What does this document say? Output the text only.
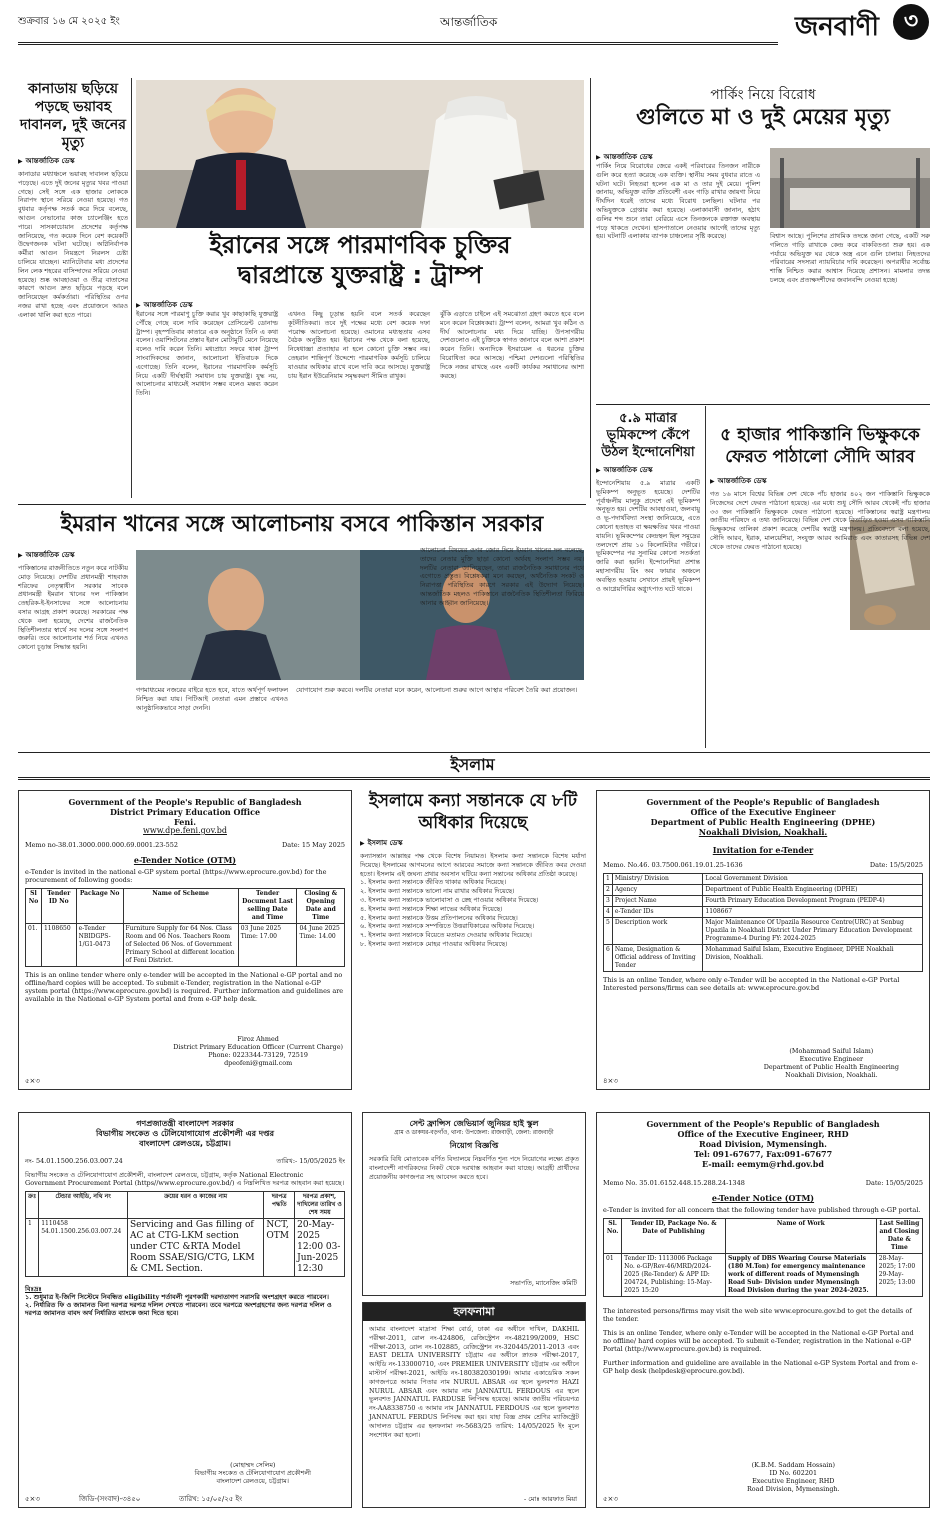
শুক্রবার ১৬ মে ২০২৫ ইং	আন্তর্জাতিক	জনবাণী	৩
কানাডায় ছড়িয়ে পড়ছে ভয়াবহ দাবানল, দুই জনের মৃত্যু
▶ আন্তর্জাতিক ডেস্ক
কানাডার মধ্যাঞ্চলে ভয়াবহ দাবানল ছড়িয়ে পড়েছে। এতে দুই জনের মৃত্যুর খবর পাওয়া গেছে। সেই সঙ্গে এক হাজার লোককে নিরাপদ স্থানে সরিয়ে নেওয়া হয়েছে। গত বুধবার কর্তৃপক্ষ সতর্ক করে দিয়ে বলেছে, আগুন নেভানোর কাজ চ্যালেঞ্জিং হতে পারে। সাসকাচোয়ান প্রদেশের কর্তৃপক্ষ জানিয়েছে, গত কয়েক দিনে বেশ কয়েকটি উদ্বেগজনক ঘটনা ঘটেছে। অগ্নিনির্বাপক কর্মীরা আগুন নিয়ন্ত্রণে নিরলস চেষ্টা চালিয়ে যাচ্ছেন। ম্যানিটোবার মধ্য প্রদেশের লিন লেক শহরের বাসিন্দাদের সরিয়ে নেওয়া হয়েছে। শুষ্ক আবহাওয়া ও তীব্র বাতাসের কারণে আগুন দ্রুত ছড়িয়ে পড়ছে বলে জানিয়েছেন কর্মকর্তারা। পরিস্থিতির ওপর নজর রাখা হচ্ছে এবং প্রয়োজনে আরও এলাকা খালি করা হতে পারে।
ইরানের সঙ্গে পারমাণবিক চুক্তির
দ্বারপ্রান্তে যুক্তরাষ্ট্র : ট্রাম্প
▶ আন্তর্জাতিক ডেস্ক
ইরানের সঙ্গে পারমাণু চুক্তি করার খুব কাছাকাছি যুক্তরাষ্ট্র পৌঁছে গেছে বলে দাবি করেছেন প্রেসিডেন্ট ডোনাল্ড ট্রাম্প। বৃহস্পতিবার কাতারে এক অনুষ্ঠানে তিনি এ কথা বলেন। ওয়াশিংটনের প্রস্তাব ইরান মোটামুটি মেনে নিয়েছে বলেও দাবি করেন তিনি। মধ্যপ্রাচ্য সফরে থাকা ট্রাম্প সাংবাদিকদের জানান, আলোচনা ইতিবাচক দিকে এগোচ্ছে। তিনি বলেন, ইরানের পারমাণবিক কর্মসূচি নিয়ে একটি দীর্ঘস্থায়ী সমাধান চায় যুক্তরাষ্ট্র। যুদ্ধ নয়, আলোচনার মাধ্যমেই সমাধান সম্ভব বলেও মন্তব্য করেন তিনি।
এখনও কিছু চূড়ান্ত হয়নি বলে সতর্ক করেছেন কূটনীতিকরা। তবে দুই পক্ষের মধ্যে বেশ কয়েক দফা পরোক্ষ আলোচনা হয়েছে। ওমানের মধ্যস্থতায় এসব বৈঠক অনুষ্ঠিত হয়। ইরানের পক্ষ থেকে বলা হয়েছে, নিষেধাজ্ঞা প্রত্যাহার না হলে কোনো চুক্তি সম্ভব নয়। তেহরান শান্তিপূর্ণ উদ্দেশ্যে পারমাণবিক কর্মসূচি চালিয়ে যাওয়ার অধিকার রাখে বলে দাবি করে আসছে। যুক্তরাষ্ট্র চায় ইরান ইউরেনিয়াম সমৃদ্ধকরণ সীমিত রাখুক।
ঝুঁকি এড়াতে চাইলে এই সমঝোতা গ্রহণ করতে হবে বলে মনে করেন বিশ্লেষকরা। ট্রাম্প বলেন, আমরা খুব কঠিন ও দীর্ঘ আলোচনার মধ্য দিয়ে যাচ্ছি। উপসাগরীয় দেশগুলোও এই চুক্তিকে স্বাগত জানাবে বলে আশা প্রকাশ করেন তিনি। অন্যদিকে ইসরায়েল এ ধরনের চুক্তির বিরোধিতা করে আসছে। পশ্চিমা দেশগুলো পরিস্থিতির দিকে নজর রাখছে এবং একটি কার্যকর সমাধানের আশা করছে।
পার্কিং নিয়ে বিরোধ
গুলিতে মা ও দুই মেয়ের মৃত্যু
▶ আন্তর্জাতিক ডেস্ক
পার্কিং নিয়ে বিরোধের জেরে একই পরিবারের তিনজন নারীকে গুলি করে হত্যা করেছে এক ব্যক্তি। স্থানীয় সময় বুধবার রাতে এ ঘটনা ঘটে। নিহতরা হলেন এক মা ও তার দুই মেয়ে। পুলিশ জানায়, অভিযুক্ত ব্যক্তি প্রতিবেশী এবং গাড়ি রাখার জায়গা নিয়ে দীর্ঘদিন ধরেই তাদের মধ্যে বিরোধ চলছিল। ঘটনার পর অভিযুক্তকে গ্রেপ্তার করা হয়েছে। এলাকাবাসী জানান, হঠাৎ গুলির শব্দ শুনে তারা বেরিয়ে এসে তিনজনকে রক্তাক্ত অবস্থায় পড়ে থাকতে দেখেন। হাসপাতালে নেওয়ার আগেই তাদের মৃত্যু হয়। ঘটনাটি এলাকায় ব্যাপক চাঞ্চল্যের সৃষ্টি করেছে।	বিশ্বাস আছে। পুলিশের প্রাথমিক তদন্তে জানা গেছে, একটি সরু গলিতে গাড়ি রাখাকে কেন্দ্র করে বাকবিতণ্ডা শুরু হয়। এক পর্যায়ে অভিযুক্ত ঘর থেকে অস্ত্র এনে গুলি চালায়। নিহতদের পরিবারের সদস্যরা ন্যায়বিচার দাবি করেছেন। অপরাধীর সর্বোচ্চ শাস্তি নিশ্চিত করার আশ্বাস দিয়েছে প্রশাসন। মামলার তদন্ত চলছে এবং প্রত্যক্ষদর্শীদের জবানবন্দি নেওয়া হচ্ছে।
৫.৯ মাত্রার ভূমিকম্পে কেঁপে উঠল ইন্দোনেশিয়া
▶ আন্তর্জাতিক ডেস্ক
ইন্দোনেশিয়ায় ৫.৯ মাত্রার একটি ভূমিকম্প অনুভূত হয়েছে। দেশটির পূর্বাঞ্চলীয় মালুকু প্রদেশে এই ভূমিকম্প অনুভূত হয়। দেশটির আবহাওয়া, জলবায়ু ও ভূ-পদার্থবিদ্যা সংস্থা জানিয়েছে, এতে কোনো হতাহত বা ক্ষয়ক্ষতির খবর পাওয়া যায়নি। ভূমিকম্পের কেন্দ্রস্থল ছিল সমুদ্রের তলদেশে প্রায় ১০ কিলোমিটার গভীরে। ভূমিকম্পের পর সুনামির কোনো সতর্কতা জারি করা হয়নি। ইন্দোনেশিয়া প্রশান্ত মহাসাগরীয় রিং অব ফায়ার অঞ্চলে অবস্থিত হওয়ায় সেখানে প্রায়ই ভূমিকম্প ও আগ্নেয়গিরির অগ্ন্যুৎপাত ঘটে থাকে।
৫ হাজার পাকিস্তানি ভিক্ষুককে
ফেরত পাঠালো সৌদি আরব
▶ আন্তর্জাতিক ডেস্ক
গত ১৬ মাসে বিশ্বের বিভিন্ন দেশ থেকে পাঁচ হাজার ৪০২ জন পাকিস্তানি ভিক্ষুককে নিজেদের দেশে ফেরত পাঠানো হয়েছে। এর মধ্যে শুধু সৌদি আরব থেকেই পাঁচ হাজার ৩৩ জন পাকিস্তানি ভিক্ষুককে ফেরত পাঠানো হয়েছে। পাকিস্তানের স্বরাষ্ট্র মন্ত্রণালয় জাতীয় পরিষদে এ তথ্য জানিয়েছে। বিভিন্ন দেশ থেকে বিতাড়িত হওয়া এসব পাকিস্তানি ভিক্ষুকদের তালিকা প্রকাশ করেছে দেশটির স্বরাষ্ট্র মন্ত্রণালয়। প্রতিবেদনে বলা হয়েছে, সৌদি আরব, ইরাক, মালয়েশিয়া, সংযুক্ত আরব আমিরাত এবং কাতারসহ বিভিন্ন দেশ থেকে তাদের ফেরত পাঠানো হয়েছে।
ইমরান খানের সঙ্গে আলোচনায় বসবে পাকিস্তান সরকার
▶ আন্তর্জাতিক ডেস্ক
পাকিস্তানের রাজনীতিতে নতুন করে নাটকীয় মোড় নিয়েছে। দেশটির প্রধানমন্ত্রী শাহবাজ শরিফের নেতৃত্বাধীন সরকার সাবেক প্রধানমন্ত্রী ইমরান খানের দল পাকিস্তান তেহরিক-ই-ইনসাফের সঙ্গে আলোচনায় বসার আগ্রহ প্রকাশ করেছে। সরকারের পক্ষ থেকে বলা হয়েছে, দেশের রাজনৈতিক স্থিতিশীলতার স্বার্থে সব দলের সঙ্গে সংলাপ জরুরি। তবে আলোচনার শর্ত নিয়ে এখনও কোনো চূড়ান্ত সিদ্ধান্ত হয়নি।
আলোচনা বিষয়ের ওপর জোর দিয়ে ইমরান খানের দল বলেছে, তাদের নেতার মুক্তি ছাড়া কোনো অর্থবহ সংলাপ সম্ভব নয়। দলটির নেতারা জানিয়েছেন, তারা রাজনৈতিক সমাধানের পথে এগোতে প্রস্তুত। বিশ্লেষকরা মনে করছেন, অর্থনৈতিক সংকট ও নিরাপত্তা পরিস্থিতির কারণে সরকার এই উদ্যোগ নিয়েছে। আন্তর্জাতিক মহলও পাকিস্তানে রাজনৈতিক স্থিতিশীলতা ফিরিয়ে আনার আহ্বান জানিয়েছে।
গণমাধ্যমের নজরের বাইরে হতে হবে, যাতে অর্থপূর্ণ ফলাফল নিশ্চিত করা যায়। পিটিআই নেতারা এমন প্রস্তাবে এখনও আনুষ্ঠানিকভাবে সাড়া দেননি।
যোগাযোগ শুরু করবে। দলটির নেতারা মনে করেন, আলোচনা শুরুর আগে আস্থার পরিবেশ তৈরি করা প্রয়োজন।
ইসলাম
ইসলামে কন্যা সন্তানকে যে ৮টি অধিকার দিয়েছে
▶ ইসলাম ডেস্ক
কন্যাসন্তান আল্লাহর পক্ষ থেকে বিশেষ নিয়ামত। ইসলাম কন্যা সন্তানকে বিশেষ মর্যাদা দিয়েছে। ইসলামের আগমনের আগে আরবের সমাজে কন্যা সন্তানকে জীবিত কবর দেওয়া হতো। ইসলাম এই জঘন্য প্রথার অবসান ঘটিয়ে কন্যা সন্তানের অধিকার প্রতিষ্ঠা করেছে।
১. ইসলাম কন্যা সন্তানকে জীবিত থাকার অধিকার দিয়েছে।
২. ইসলাম কন্যা সন্তানকে ভালো নাম রাখার অধিকার দিয়েছে।
৩. ইসলাম কন্যা সন্তানকে ভালোবাসা ও স্নেহ পাওয়ার অধিকার দিয়েছে।
৪. ইসলাম কন্যা সন্তানকে শিক্ষা লাভের অধিকার দিয়েছে।
৫. ইসলাম কন্যা সন্তানকে উত্তম প্রতিপালনের অধিকার দিয়েছে।
৬. ইসলাম কন্যা সন্তানকে সম্পত্তিতে উত্তরাধিকারের অধিকার দিয়েছে।
৭. ইসলাম কন্যা সন্তানকে বিয়েতে মতামত দেওয়ার অধিকার দিয়েছে।
৮. ইসলাম কন্যা সন্তানকে মোহর পাওয়ার অধিকার দিয়েছে।
Government of the People's Republic of Bangladesh
District Primary Education Office
Feni.
www.dpe.feni.gov.bd
Memo no-38.01.3000.000.000.69.0001.23-552	Date: 15 May 2025
e-Tender Notice (OTM)
e-Tender is invited in the national e-GP system portal (https://www.eprocure.gov.bd) for the procurement of following goods:
Sl No	Tender ID No	Package No	Name of Scheme	Tender Document Last selling Date and Time	Closing & Opening Date and Time
01.	1108650	e-Tender NBIDGPS-1/G1-0473	Furniture Supply for 64 Nos. Class Room and 06 Nos. Teachers Room of Selected 06 Nos. of Government Primary School at different location of Feni District.	03 June 2025 Time: 17.00	04 June 2025 Time: 14.00
This is an online tender where only e-tender will be accepted in the National e-GP portal and no offline/hard copies will be accepted. To submit e-Tender, registration in the National e-GP system portal (https://www.eprocure.gov.bd) is required. Further information and guidelines are available in the National e-GP System portal and from e-GP help desk.
Firoz Ahmed
District Primary Education Officer (Current Charge)
Phone: 0223344-73129, 72519
dpeofeni@gmail.com
৫×৩
Government of the People's Republic of Bangladesh
Office of the Executive Engineer
Department of Public Health Engineering (DPHE)
Noakhali Division, Noakhali.
Invitation for e-Tender
Memo. No.46. 03.7500.061.19.01.25-1636	Date: 15/5/2025
1	Ministry/ Division	Local Government Division
2	Agency	Department of Public Health Engineering (DPHE)
3	Project Name	Fourth Primary Education Development Program (PEDP-4)
4	e-Tender IDs	1108667
5	Description work	Major Maintenance Of Upazila Resource Centre(URC) at Senbug Upazila in Noakhali District Under Primary Education Development Programme-4 During FY: 2024-2025
6	Name, Designation & Official address of Inviting Tender	Mohammad Saiful Islam, Executive Engineer, DPHE Noakhali Division, Noakhali.
This is an online Tender, where only e-Tender will be accepted in the National e-GP Portal Interested persons/firms can see details at: www.eprocure.gov.bd
(Mohammad Saiful Islam)
Executive Engineer
Department of Public Health Engineering
Noakhali Division, Noakhali.
৪×৩
গণপ্রজাতন্ত্রী বাংলাদেশ সরকার
বিভাগীয় সংকেত ও টেলিযোগাযোগ প্রকৌশলী এর দপ্তর
বাংলাদেশ রেলওয়ে, চট্টগ্রাম।
নং- 54.01.1500.256.03.007.24	তারিখ:- 15/05/2025 ইং
বিভাগীয় সংকেত ও টেলিযোগাযোগ প্রকৌশলী, বাংলাদেশ রেলওয়ে, চট্টগ্রাম, কর্তৃক National Electronic Government Procurement Portal (https//www.eprocure.gov.bd/) এ নিম্নলিখিত দরপত্র আহবান করা হয়েছে।
ক্রঃ	টেন্ডার আইডি, নথি নং	ক্রয়ের ধরন ও কাজের নাম	দরপত্র পদ্ধতি	দরপত্র প্রকাশ, দাখিলের তারিখ ও শেষ সময়
1	1110458 54.01.1500.256.03.007.24	Servicing and Gas filling of AC at CTG-LKM section under CTC &RTA Model Room SSAE/SIG/CTG, LKM & CML Section.	NCT, OTM	20-May-2025 12:00 03-Jun-2025 12:30
বিঃদ্রঃ
১. শুধুমাত্র ই-জিপি সিস্টেমে নিবন্ধিত eligibility শর্তাবলী পূরণকারী দরদাতাগণ সরাসরি অংশগ্রহণ করতে পারবেন।
২. নির্ধারিত ফি ও জামানত বিনা দরপত্র দরপত্র দলিল দেখতে পারবেন। তবে দরপত্রে অংশগ্রহণের জন্য দরপত্র দলিল ও দরপত্র জামানত বাবদ অর্থ নির্ধারিত ব্যাংকে জমা দিতে হবে।
(মোহাম্মদ সেলিম)
বিভাগীয় সংকেত ও টেলিযোগাযোগ প্রকৌশলী
বাংলাদেশ রেলওয়ে, চট্টগ্রাম।
৫×৩	জিডি-(সংবাদ)-৩৪৫০	তারিখ: ১৫/০৫/২৫ ইং
সেন্ট ফ্রান্সিস জেভিয়ার্স জুনিয়র হাই স্কুল
গ্রাম ও ডাকঘর-বড়গাঁও, থানা: উপজেলা: রাজবাড়ী, জেলা: রাজবাড়ী
নিয়োগ বিজ্ঞপ্তি
সরকারি বিধি মোতাবেক বর্ণিত বিদ্যালয়ে নিম্নবর্ণিত শূন্য পদে নিয়োগের লক্ষ্যে প্রকৃত বাংলাদেশী নাগরিকদের নিকট থেকে দরখাস্ত আহবান করা যাচ্ছে। আগ্রহী প্রার্থীদের প্রয়োজনীয় কাগজপত্র সহ আবেদন করতে হবে।
সভাপতি, ম্যানেজিং কমিটি
হলফনামা
আমার বাংলাদেশ মাদ্রাসা শিক্ষা বোর্ড, ঢাকা এর অধীনে দাখিল, DAKHIL পরীক্ষা-2011, রোল নং-424806, রেজিস্ট্রেশন নং-482199/2009, HSC পরীক্ষা-2013, রোল নং-102885, রেজিস্ট্রেশন নং-320445/2011-2013 এবং EAST DELTA UNIVERSITY চট্টগ্রাম এর অধীনে স্নাতক পরীক্ষা-2017, আইডি নং-133000710, এবং PREMIER UNIVERSITY চট্টগ্রাম এর অধীনে মাস্টার্স পরীক্ষা-2021, আইডি নং-180382030199। আমার একাডেমিক সকল কাগজপত্রে আমার পিতার নাম NURUL ABSAR এর স্থলে ভুলবশত HAZI NURUL ABSAR এবং আমার নাম JANNATUL FERDOUS এর স্থলে ভুলবশত JANNATUL FARDUSE লিপিবদ্ধ হয়েছে। আমার জাতীয় পরিচয়পত্র নং-AA8338750 এ আমার নাম JANNATUL FERDOUS এর স্থলে ভুলবশত JANNATUL FERDUS লিপিবদ্ধ করা হয়। যাহা বিজ্ঞ প্রথম শ্রেণির ম্যাজিস্ট্রেট আদালত চট্টগ্রাম এর হলফনামা নং-5683/25 তারিখ: 14/05/2025 ইং মূলে সংশোধন করা হলো।
- মোঃ আরফাত মিয়া
Government of the People's Republic of Bangladesh
Office of the Executive Engineer, RHD
Road Division, Mymensingh.
Tel: 091-67677, Fax:091-67677
E-mail: eemym@rhd.gov.bd
Memo No. 35.01.6152.448.15.288.24-1348	Date: 15/05/2025
e-Tender Notice (OTM)
e-Tender is invited for all concern that the following tender have published through e-GP portal.
Sl. No.	Tender ID, Package No. & Date of Publishing	Name of Work	Last Selling and Closing Date & Time
01	Tender ID: 1113006 Package No. e-GP/Rev-46/MRD/2024-2025 (Re-Tender) & APP ID: 204724, Publishing: 15-May-2025 15:20	Supply of DBS Wearing Course Materials (180 M.Ton) for emergency maintenance work of different roads of Mymensingh Road Sub- Division under Mymensingh Road Division during the year 2024-2025.	28-May-2025; 17:00 29-May-2025; 13:00
The interested persons/firms may visit the web site www.eprocure.gov.bd to get the details of the tender.
This is an online Tender, where only e-Tender will be accepted in the National e-GP Portal and no offline/ hard copies will be accepted. To submit e-Tender, registration in the National e-GP Portal (http://www.eprocure.gov.bd) is required.
Further information and guideline are available in the National e-GP System Portal and from e-GP help desk (helpdesk@eprocure.gov.bd).
(K.B.M. Saddam Hossain)
ID No. 602201
Executive Engineer, RHD
Road Division, Mymensingh.
৫×৩
